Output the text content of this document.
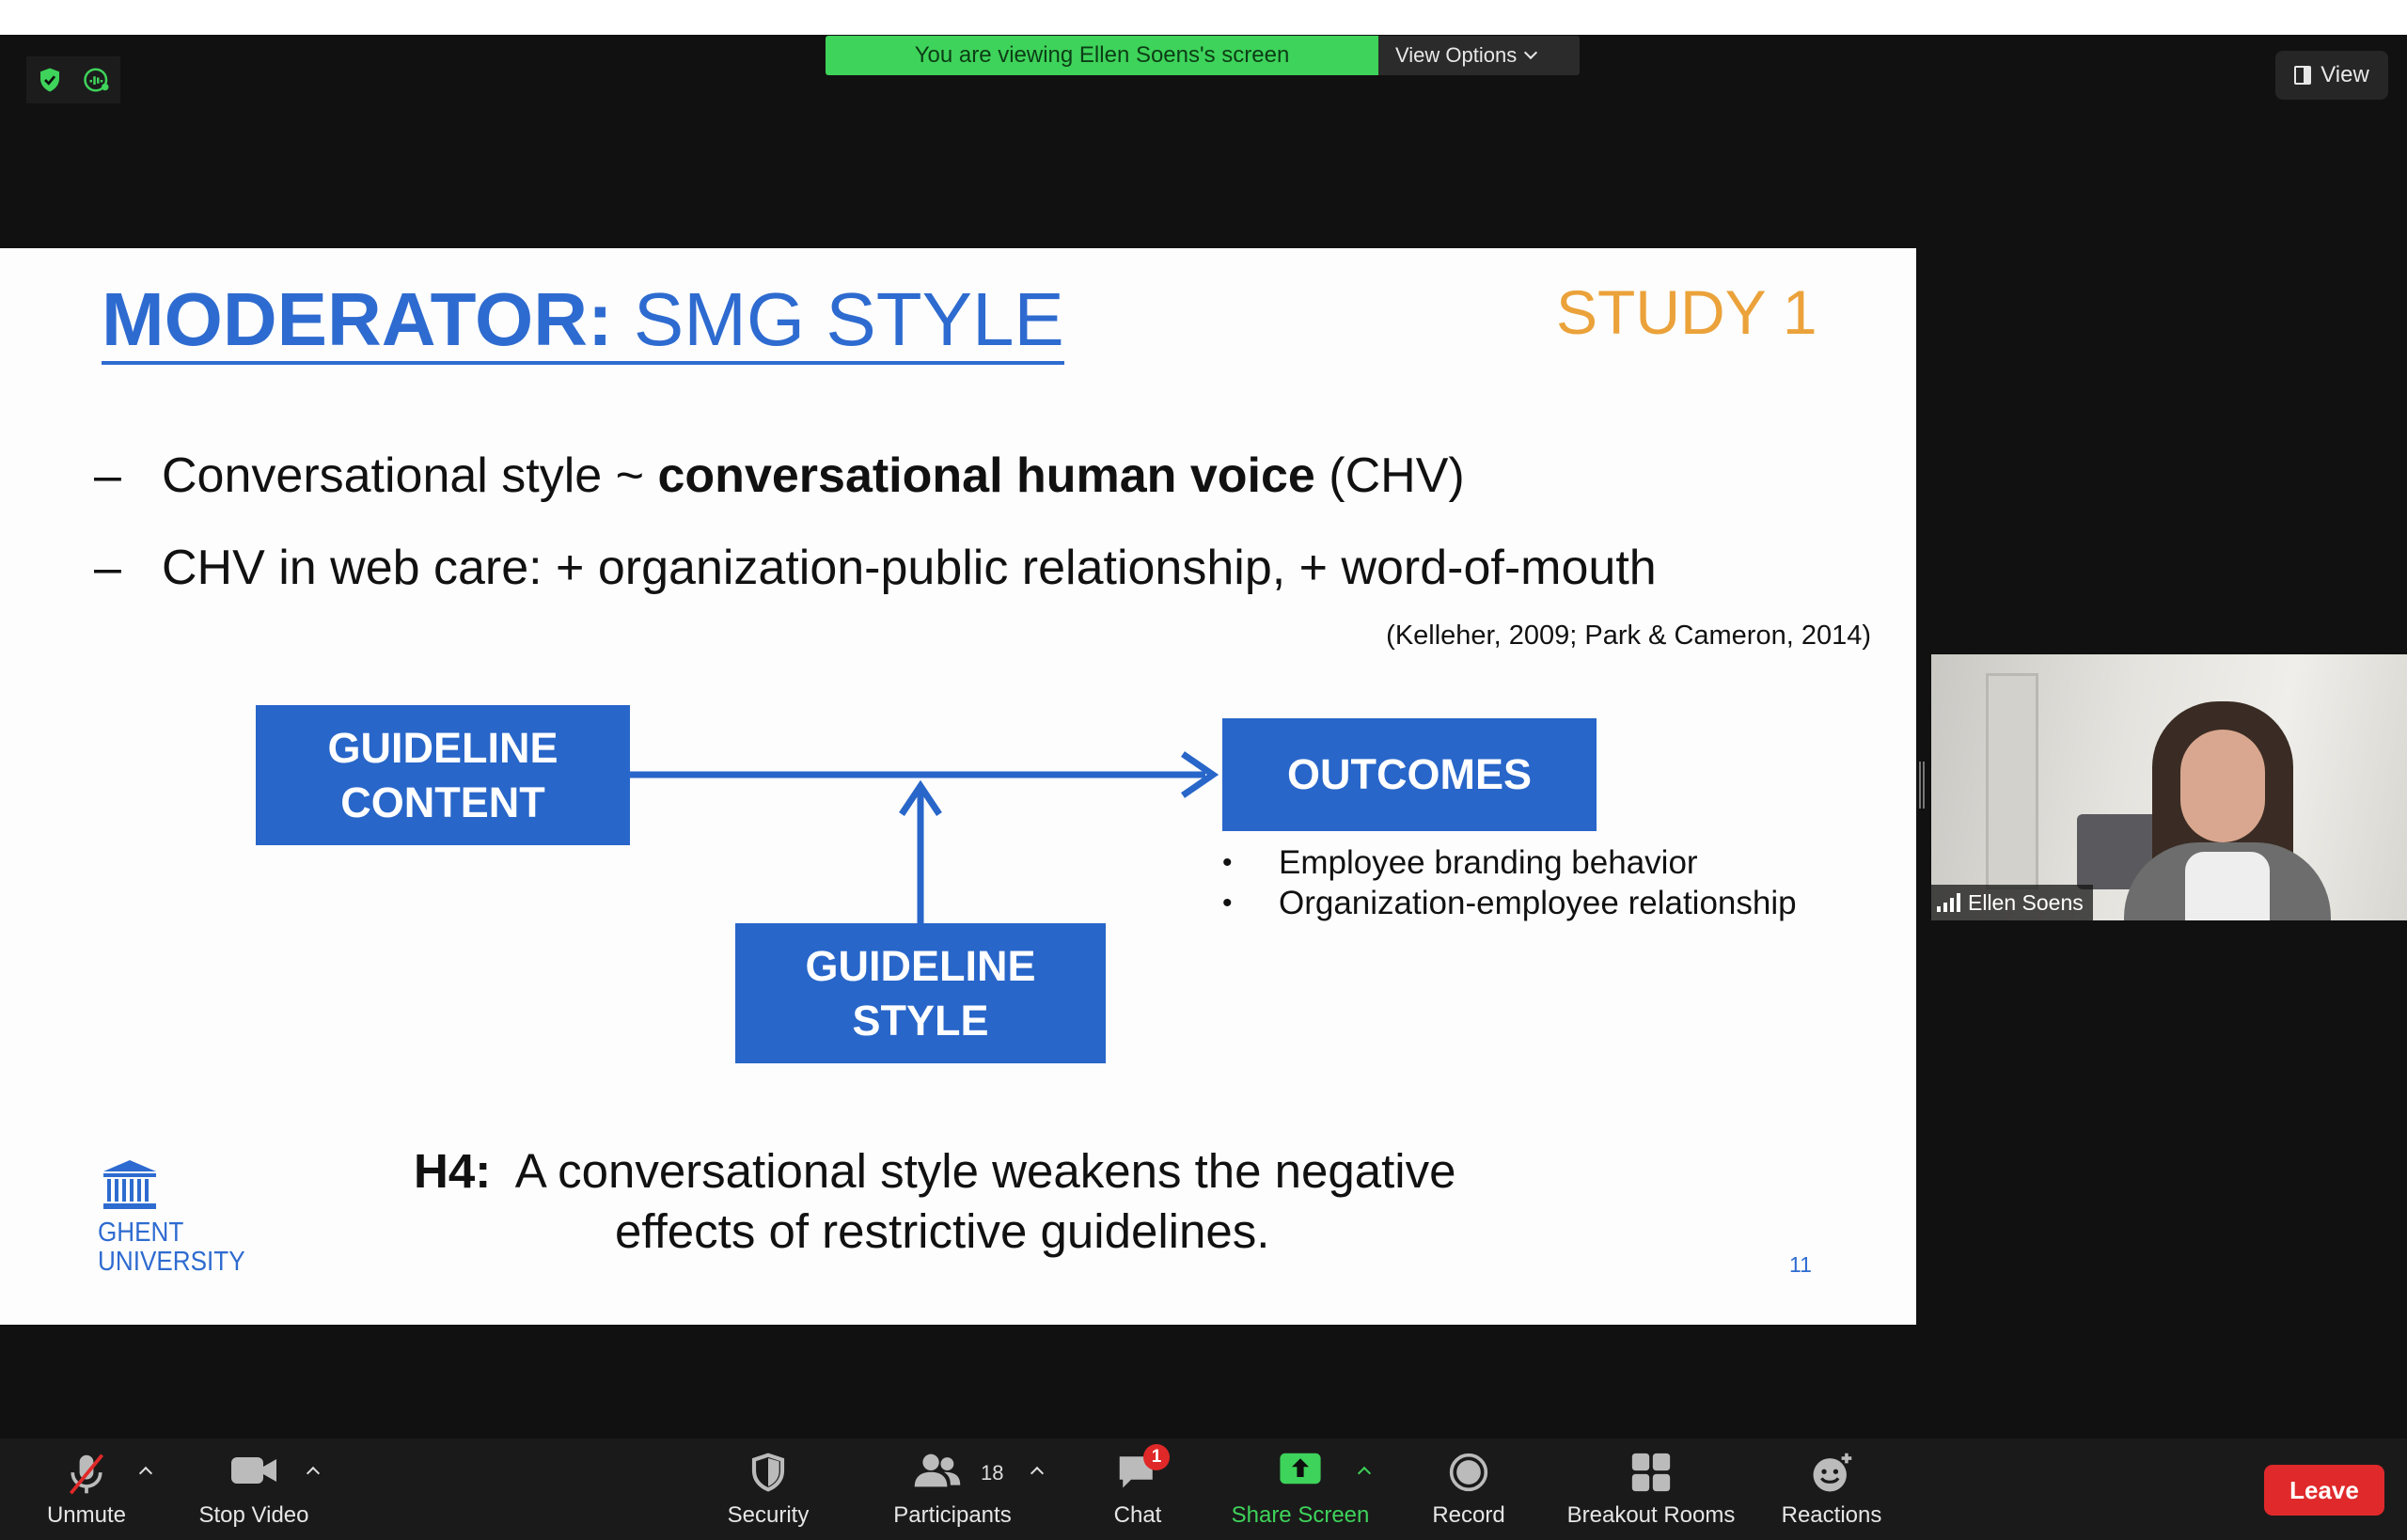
You are viewing Ellen Soens's screen	View Options
View
MODERATOR: SMG STYLE	STUDY 1
– Conversational style ~ conversational human voice (CHV)
– CHV in web care: + organization-public relationship, + word-of-mouth
(Kelleher, 2009; Park & Cameron, 2014)
GUIDELINE
CONTENT
OUTCOMES
GUIDELINE
STYLE
•	Employee branding behavior
•	Organization-employee relationship
GHENT
UNIVERSITY
H4: A conversational style weakens the negative
effects of restrictive guidelines.
11
Ellen Soens
Unmute	Stop Video	Security
18
Participants
1
Chat	Share Screen	Record	Breakout Rooms Reactions
Leave
